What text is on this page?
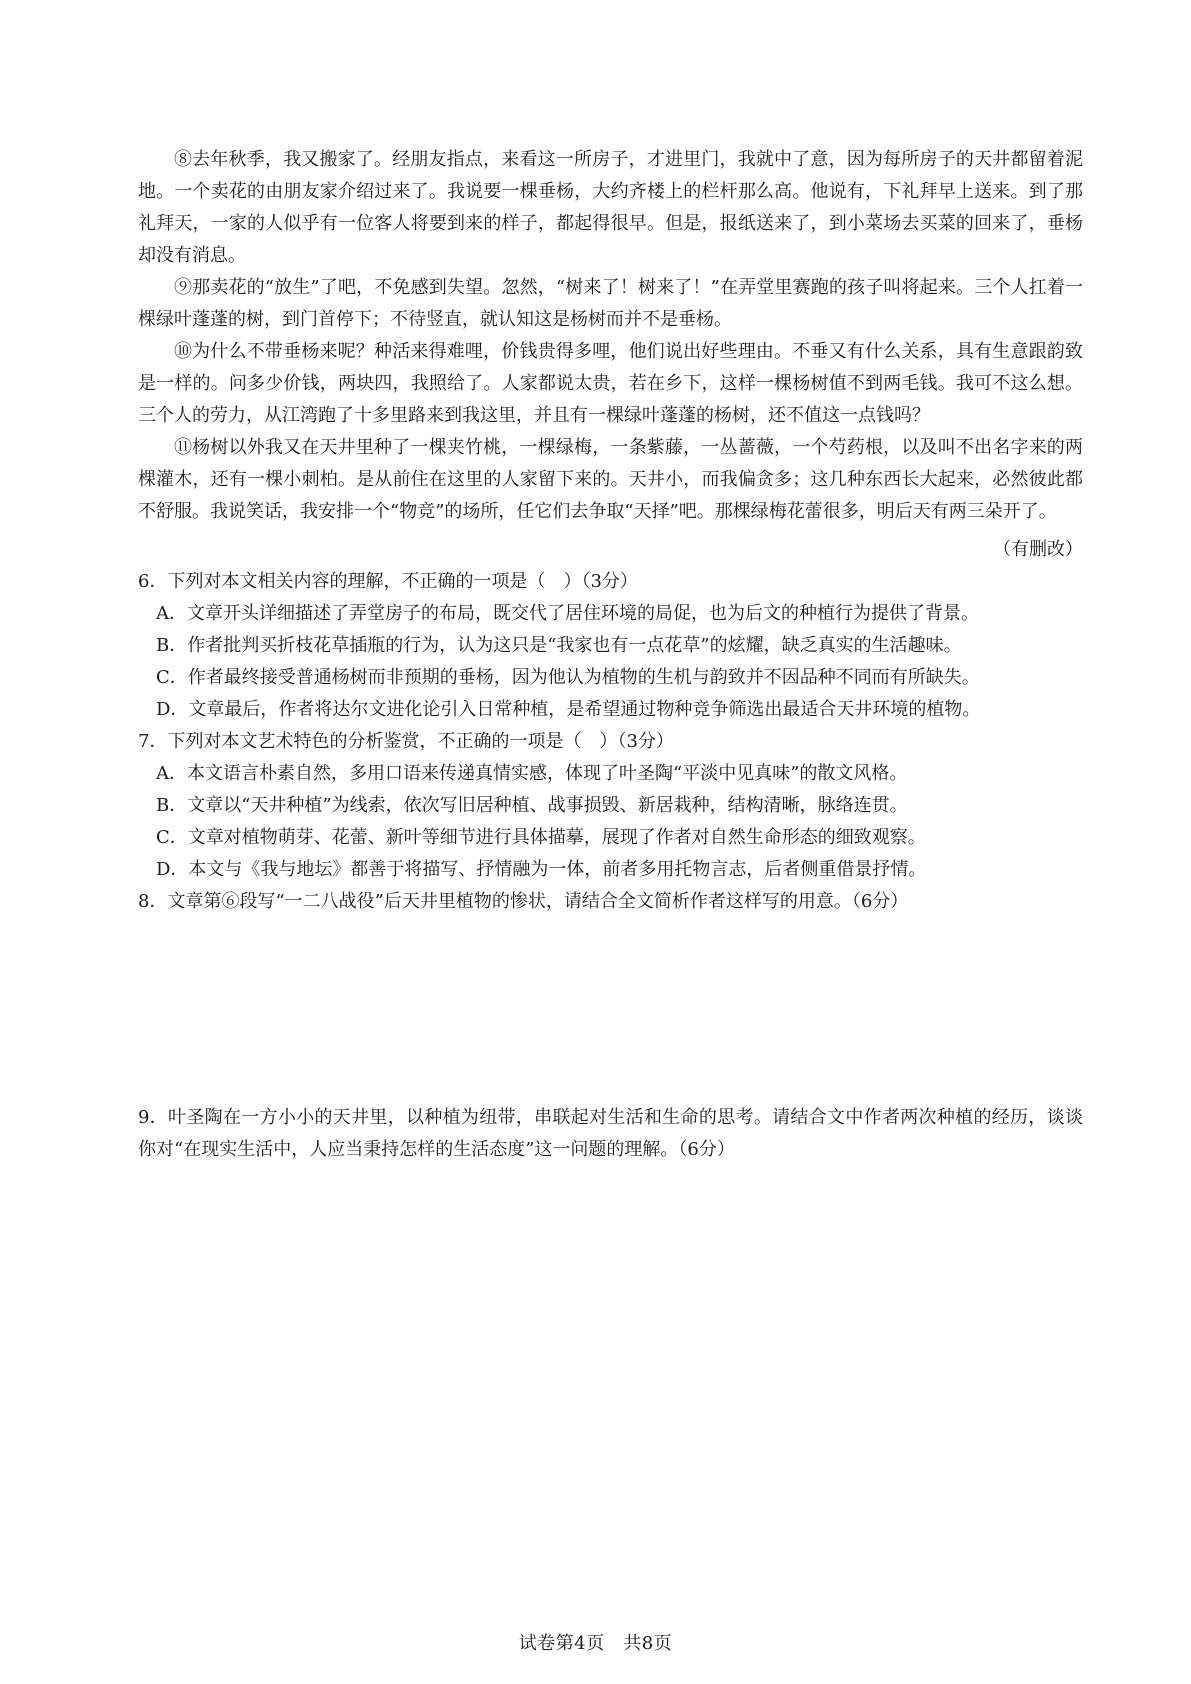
⑧去年秋季，我又搬家了。经朋友指点，来看这一所房子，才进里门，我就中了意，因为每所房子的天井都留着泥地。一个卖花的由朋友家介绍过来了。我说要一棵垂杨，大约齐楼上的栏杆那么高。他说有，下礼拜早上送来。到了那礼拜天，一家的人似乎有一位客人将要到来的样子，都起得很早。但是，报纸送来了，到小菜场去买菜的回来了，垂杨却没有消息。

⑨那卖花的“放生”了吧，不免感到失望。忽然，“树来了！树来了！”在弄堂里赛跑的孩子叫将起来。三个人扛着一棵绿叶蓬蓬的树，到门首停下；不待竖直，就认知这是杨树而并不是垂杨。

⑩为什么不带垂杨来呢？种活来得难哩，价钱贵得多哩，他们说出好些理由。不垂又有什么关系，具有生意跟韵致是一样的。问多少价钱，两块四，我照给了。人家都说太贵，若在乡下，这样一棵杨树值不到两毛钱。我可不这么想。三个人的劳力，从江湾跑了十多里路来到我这里，并且有一棵绿叶蓬蓬的杨树，还不值这一点钱吗？

⑪杨树以外我又在天井里种了一棵夹竹桃，一棵绿梅，一条紫藤，一丛蔷薇，一个芍药根，以及叫不出名字来的两棵灌木，还有一棵小刺柏。是从前住在这里的人家留下来的。天井小，而我偏贪多；这几种东西长大起来，必然彼此都不舒服。我说笑话，我安排一个“物竞”的场所，任它们去争取“天择”吧。那棵绿梅花蕾很多，明后天有两三朵开了。

（有删改）

6．下列对本文相关内容的理解，不正确的一项是（　）（3分）

A．文章开头详细描述了弄堂房子的布局，既交代了居住环境的局促，也为后文的种植行为提供了背景。

B．作者批判买折枝花草插瓶的行为，认为这只是“我家也有一点花草”的炫耀，缺乏真实的生活趣味。

C．作者最终接受普通杨树而非预期的垂杨，因为他认为植物的生机与韵致并不因品种不同而有所缺失。

D．文章最后，作者将达尔文进化论引入日常种植，是希望通过物种竞争筛选出最适合天井环境的植物。

7．下列对本文艺术特色的分析鉴赏，不正确的一项是（　）（3分）

A．本文语言朴素自然，多用口语来传递真情实感，体现了叶圣陶“平淡中见真味”的散文风格。

B．文章以“天井种植”为线索，依次写旧居种植、战事损毁、新居栽种，结构清晰，脉络连贯。

C．文章对植物萌芽、花蕾、新叶等细节进行具体描摹，展现了作者对自然生命形态的细致观察。

D．本文与《我与地坛》都善于将描写、抒情融为一体，前者多用托物言志，后者侧重借景抒情。

8．文章第⑥段写“一二八战役”后天井里植物的惨状，请结合全文简析作者这样写的用意。（6分）

9．叶圣陶在一方小小的天井里，以种植为纽带，串联起对生活和生命的思考。请结合文中作者两次种植的经历，谈谈你对“在现实生活中，人应当秉持怎样的生活态度”这一问题的理解。（6分）

试卷第4页　共8页
